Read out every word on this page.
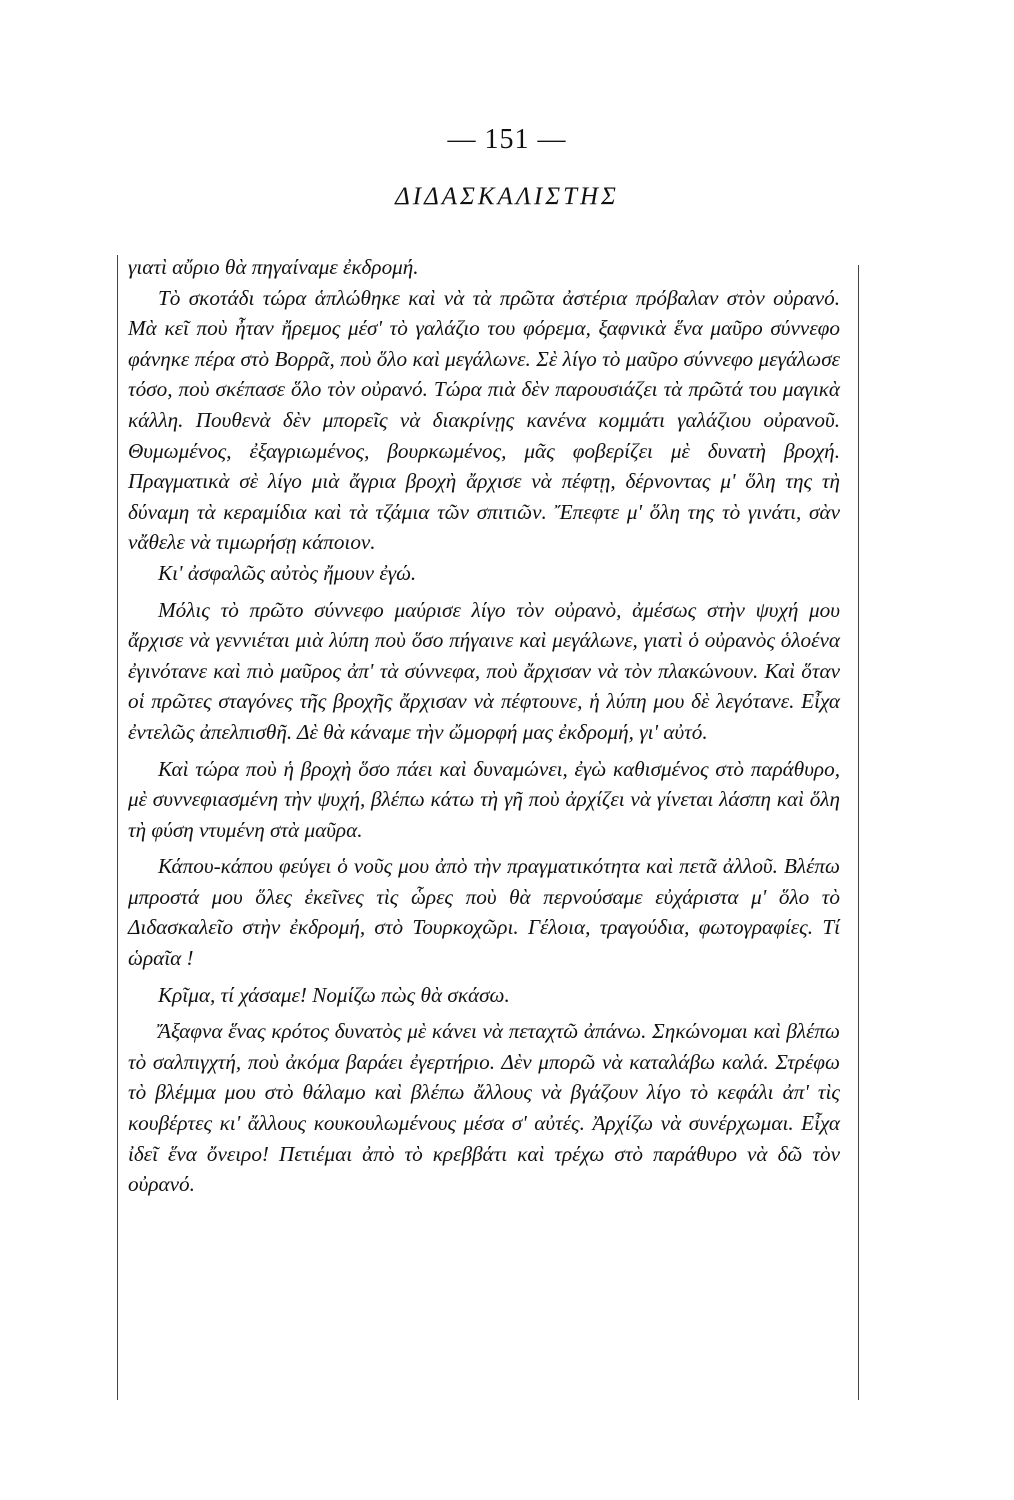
— 151 —
ΔΙΔΑΣΚΑΛΙΣΤΗΣ

γιατὶ αὔριο θὰ πηγαίναμε ἐκδρομή.

Τὸ σκοτάδι τώρα ἁπλώθηκε καὶ νὰ τὰ πρῶτα ἀστέρια πρόβαλαν στὸν οὐρανό. Μὰ κεῖ ποὺ ἦταν ἤρεμος μέσ' τὸ γαλάζιο του φόρεμα, ξαφνικὰ ἕνα μαῦρο σύννεφο φάνηκε πέρα στὸ Βορρᾶ, ποὺ ὅλο καὶ μεγάλωνε. Σὲ λίγο τὸ μαῦρο σύννεφο μεγάλωσε τόσο, ποὺ σκέπασε ὅλο τὸν οὐρανό. Τώρα πιὰ δὲν παρουσιάζει τὰ πρῶτά του μαγικὰ κάλλη. Πουθενὰ δὲν μπορεῖς νὰ διακρίνῃς κανένα κομμάτι γαλάζιου οὐρανοῦ. Θυμωμένος, ἐξαγριωμένος, βουρκωμένος, μᾶς φοβερίζει μὲ δυνατὴ βροχή. Πραγματικὰ σὲ λίγο μιὰ ἄγρια βροχὴ ἄρχισε νὰ πέφτῃ, δέρνοντας μ' ὅλη της τὴ δύναμη τὰ κεραμίδια καὶ τὰ τζάμια τῶν σπιτιῶν. Ἔπεφτε μ' ὅλη της τὸ γινάτι, σὰν νἄθελε νὰ τιμωρήσῃ κάποιον.

Κι' ἀσφαλῶς αὐτὸς ἤμουν ἐγώ.

Μόλις τὸ πρῶτο σύννεφο μαύρισε λίγο τὸν οὐρανὸ, ἀμέσως στὴν ψυχή μου ἄρχισε νὰ γεννιέται μιὰ λύπη ποὺ ὅσο πήγαινε καὶ μεγάλωνε, γιατὶ ὁ οὐρανὸς ὁλοένα ἐγινότανε καὶ πιὸ μαῦρος ἀπ' τὰ σύννεφα, ποὺ ἄρχισαν νὰ τὸν πλακώνουν. Καὶ ὅταν οἱ πρῶτες σταγόνες τῆς βροχῆς ἄρχισαν νὰ πέφτουνε, ἡ λύπη μου δὲ λεγότανε. Εἶχα ἐντελῶς ἀπελπισθῆ. Δὲ θὰ κάναμε τὴν ὤμορφή μας ἐκδρομή, γι' αὐτό.

Καὶ τώρα ποὺ ἡ βροχὴ ὅσο πάει καὶ δυναμώνει, ἐγὼ καθισμένος στὸ παράθυρο, μὲ συννεφιασμένη τὴν ψυχή, βλέπω κάτω τὴ γῆ ποὺ ἀρχίζει νὰ γίνεται λάσπη καὶ ὅλη τὴ φύση ντυμένη στὰ μαῦρα.

Κάπου-κάπου φεύγει ὁ νοῦς μου ἀπὸ τὴν πραγματικότητα καὶ πετᾶ ἀλλοῦ. Βλέπω μπροστά μου ὅλες ἐκεῖνες τὶς ὧρες ποὺ θὰ περνούσαμε εὐχάριστα μ' ὅλο τὸ Διδασκαλεῖο στὴν ἐκδρομή, στὸ Τουρκοχῶρι. Γέλοια, τραγούδια, φωτογραφίες. Τί ὡραῖα !

Κρῖμα, τί χάσαμε! Νομίζω πὼς θὰ σκάσω.

Ἄξαφνα ἕνας κρότος δυνατὸς μὲ κάνει νὰ πεταχτῶ ἀπάνω. Σηκώνομαι καὶ βλέπω τὸ σαλπιγχτή, ποὺ ἀκόμα βαράει ἐγερτήριο. Δὲν μπορῶ νὰ καταλάβω καλά. Στρέφω τὸ βλέμμα μου στὸ θάλαμο καὶ βλέπω ἄλλους νὰ βγάζουν λίγο τὸ κεφάλι ἀπ' τὶς κουβέρτες κι' ἄλλους κουκουλωμένους μέσα σ' αὐτές. Ἀρχίζω νὰ συνέρχωμαι. Εἶχα ἰδεῖ ἕνα ὄνειρο! Πετιέμαι ἀπὸ τὸ κρεββάτι καὶ τρέχω στὸ παράθυρο νὰ δῶ τὸν οὐρανό.
